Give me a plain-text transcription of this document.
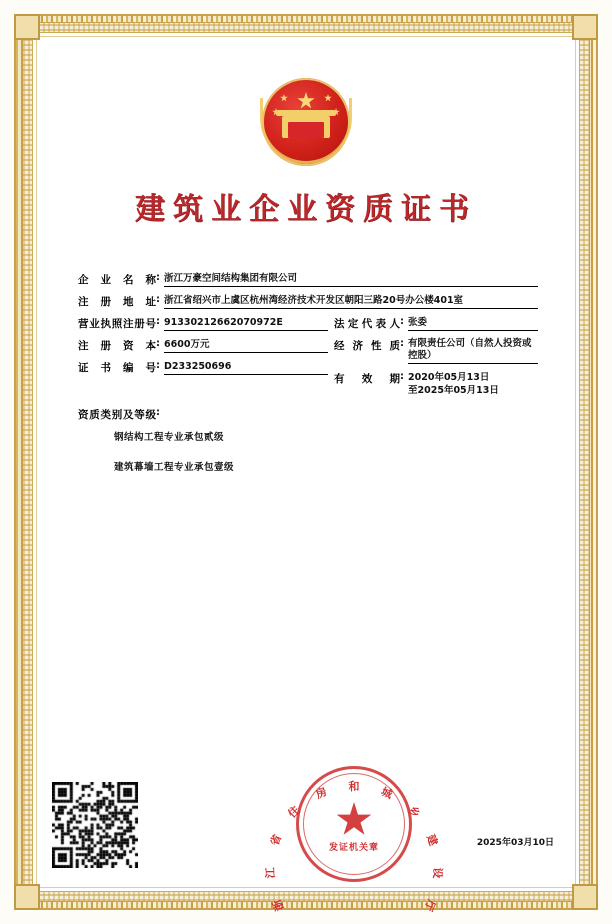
建筑业企业资质证书
企业名称 : 浙江万豪空间结构集团有限公司
注册地址 : 浙江省绍兴市上虞区杭州湾经济技术开发区朝阳三路20号办公楼401室
营业执照注册号 : 91330212662070972E
注册资本 : 6600万元
证书编号 : D233250696
法定代表人 : 张委
经济性质 : 有限责任公司（自然人投资或控股）
有效期 : 2020年05月13日
至2025年05月13日
资质类别及等级 :
钢结构工程专业承包贰级
建筑幕墙工程专业承包壹级
浙
江
省
住
房 和 城
乡
建
设
厅
发证机关章	2025年03月10日
